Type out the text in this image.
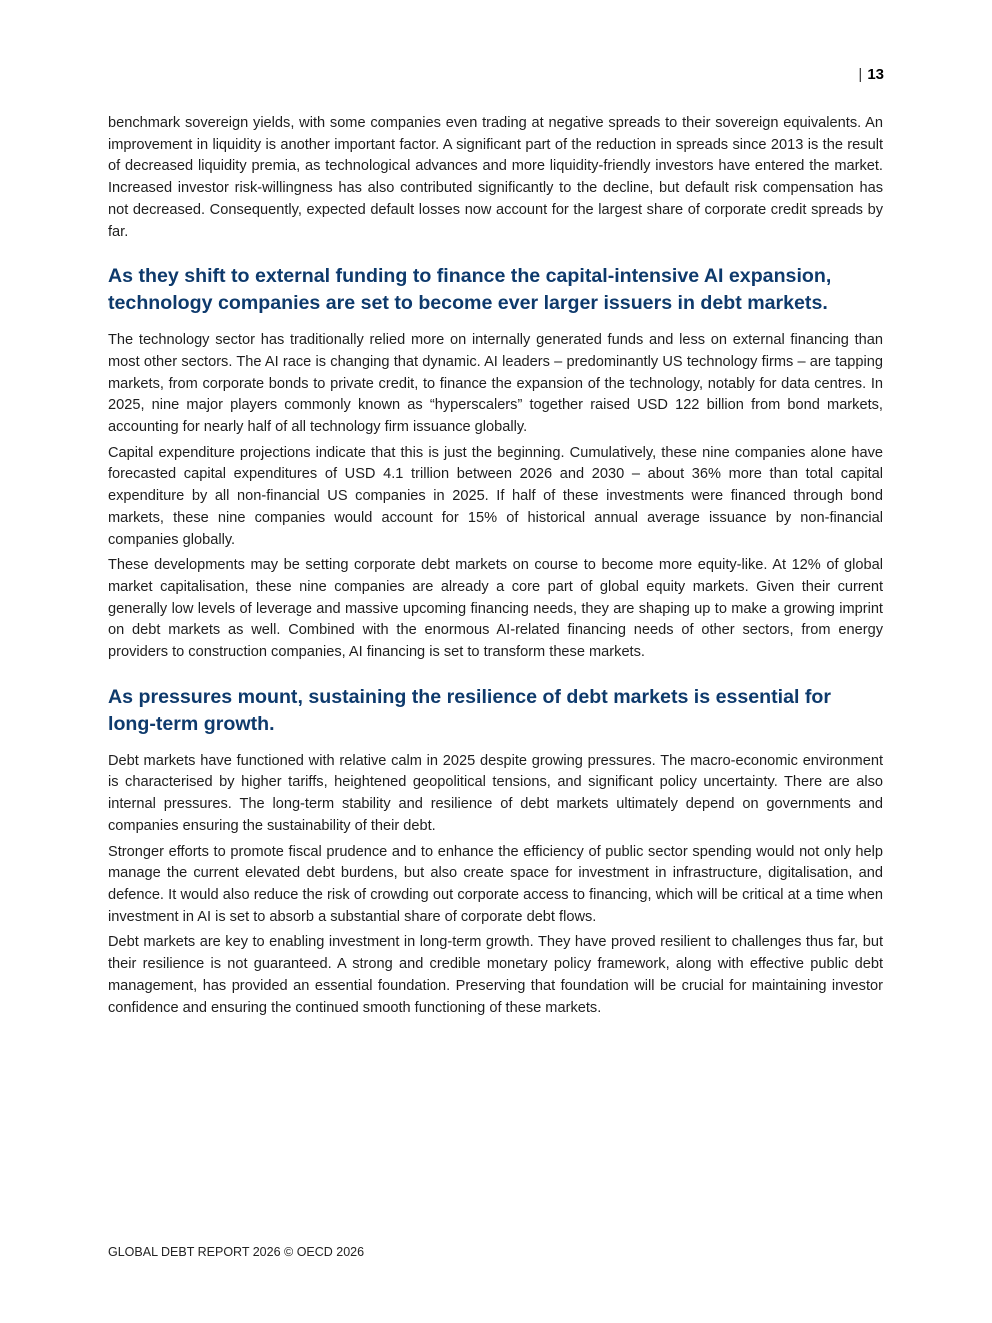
| 13

benchmark sovereign yields, with some companies even trading at negative spreads to their sovereign equivalents. An improvement in liquidity is another important factor. A significant part of the reduction in spreads since 2013 is the result of decreased liquidity premia, as technological advances and more liquidity-friendly investors have entered the market. Increased investor risk-willingness has also contributed significantly to the decline, but default risk compensation has not decreased. Consequently, expected default losses now account for the largest share of corporate credit spreads by far.

As they shift to external funding to finance the capital-intensive AI expansion, technology companies are set to become ever larger issuers in debt markets.

The technology sector has traditionally relied more on internally generated funds and less on external financing than most other sectors. The AI race is changing that dynamic. AI leaders – predominantly US technology firms – are tapping markets, from corporate bonds to private credit, to finance the expansion of the technology, notably for data centres. In 2025, nine major players commonly known as “hyperscalers” together raised USD 122 billion from bond markets, accounting for nearly half of all technology firm issuance globally.

Capital expenditure projections indicate that this is just the beginning. Cumulatively, these nine companies alone have forecasted capital expenditures of USD 4.1 trillion between 2026 and 2030 – about 36% more than total capital expenditure by all non-financial US companies in 2025. If half of these investments were financed through bond markets, these nine companies would account for 15% of historical annual average issuance by non-financial companies globally.

These developments may be setting corporate debt markets on course to become more equity-like. At 12% of global market capitalisation, these nine companies are already a core part of global equity markets. Given their current generally low levels of leverage and massive upcoming financing needs, they are shaping up to make a growing imprint on debt markets as well. Combined with the enormous AI-related financing needs of other sectors, from energy providers to construction companies, AI financing is set to transform these markets.

As pressures mount, sustaining the resilience of debt markets is essential for long-term growth.

Debt markets have functioned with relative calm in 2025 despite growing pressures. The macro-economic environment is characterised by higher tariffs, heightened geopolitical tensions, and significant policy uncertainty. There are also internal pressures. The long-term stability and resilience of debt markets ultimately depend on governments and companies ensuring the sustainability of their debt.

Stronger efforts to promote fiscal prudence and to enhance the efficiency of public sector spending would not only help manage the current elevated debt burdens, but also create space for investment in infrastructure, digitalisation, and defence. It would also reduce the risk of crowding out corporate access to financing, which will be critical at a time when investment in AI is set to absorb a substantial share of corporate debt flows.

Debt markets are key to enabling investment in long-term growth. They have proved resilient to challenges thus far, but their resilience is not guaranteed. A strong and credible monetary policy framework, along with effective public debt management, has provided an essential foundation. Preserving that foundation will be crucial for maintaining investor confidence and ensuring the continued smooth functioning of these markets.

GLOBAL DEBT REPORT 2026 © OECD 2026
